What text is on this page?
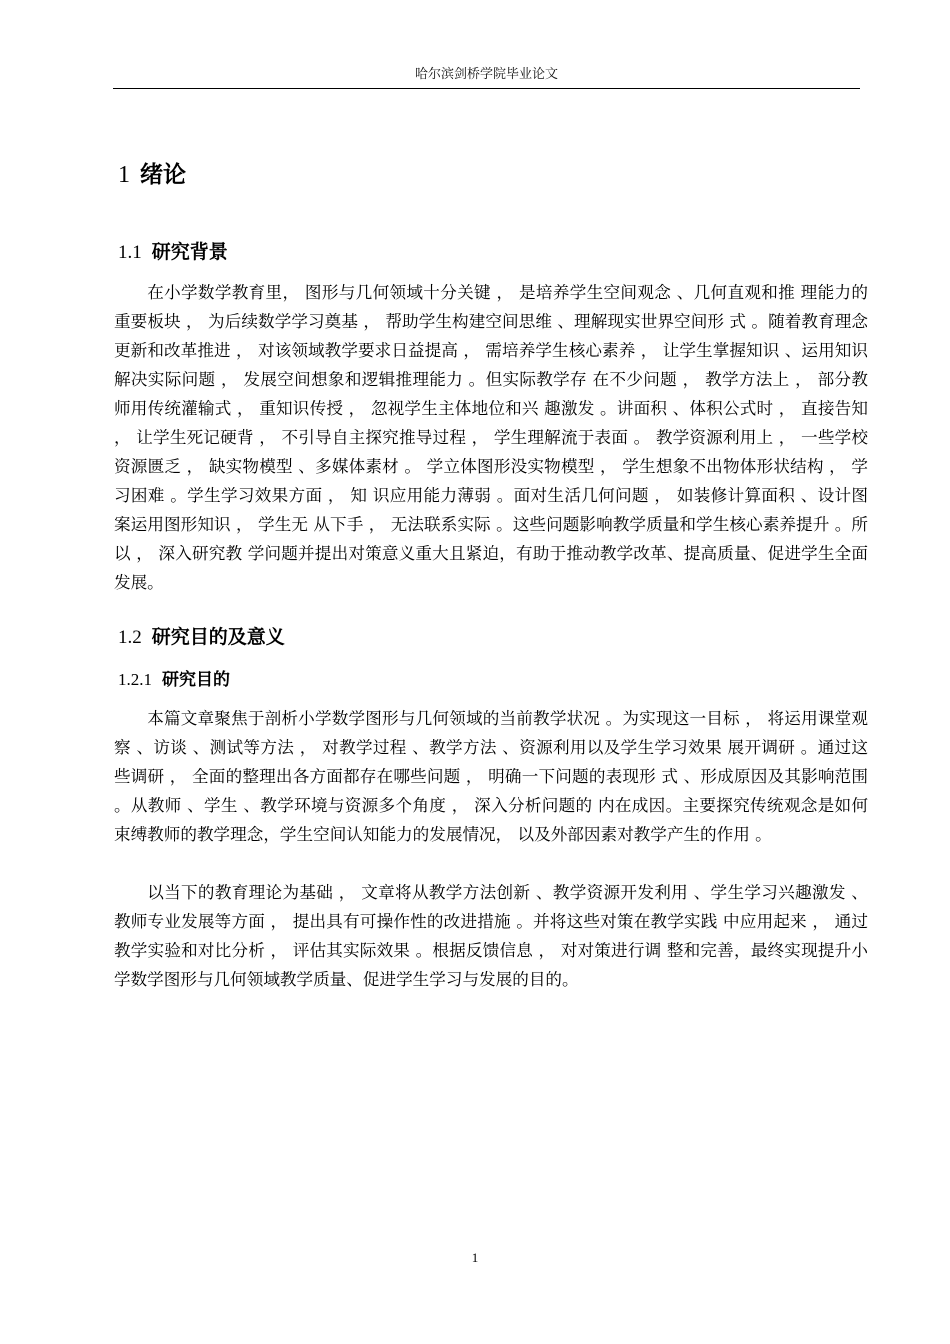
哈尔滨剑桥学院毕业论文
1 绪论
1.1 研究背景

在小学数学教育里， 图形与几何领域十分关键 ， 是培养学生空间观念 、几何直观和推 理能力的重要板块 ， 为后续数学学习奠基 ， 帮助学生构建空间思维 、理解现实世界空间形 式 。随着教育理念更新和改革推进 ， 对该领域教学要求日益提高 ， 需培养学生核心素养 ， 让学生掌握知识 、运用知识解决实际问题 ， 发展空间想象和逻辑推理能力 。但实际教学存 在不少问题 ， 教学方法上 ， 部分教师用传统灌输式 ， 重知识传授 ， 忽视学生主体地位和兴 趣激发 。讲面积 、体积公式时 ， 直接告知 ， 让学生死记硬背 ， 不引导自主探究推导过程 ， 学生理解流于表面 。 教学资源利用上 ， 一些学校资源匮乏 ， 缺实物模型 、多媒体素材 。 学立体图形没实物模型 ， 学生想象不出物体形状结构 ， 学习困难 。学生学习效果方面 ， 知 识应用能力薄弱 。面对生活几何问题 ， 如装修计算面积 、设计图案运用图形知识 ， 学生无 从下手 ， 无法联系实际 。这些问题影响教学质量和学生核心素养提升 。所以 ， 深入研究教 学问题并提出对策意义重大且紧迫，有助于推动教学改革、提高质量、促进学生全面发展。

1.2 研究目的及意义
1.2.1 研究目的

本篇文章聚焦于剖析小学数学图形与几何领域的当前教学状况 。为实现这一目标 ， 将运用课堂观察 、访谈 、测试等方法 ， 对教学过程 、教学方法 、资源利用以及学生学习效果 展开调研 。通过这些调研 ， 全面的整理出各方面都存在哪些问题 ， 明确一下问题的表现形 式 、形成原因及其影响范围 。从教师 、学生 、教学环境与资源多个角度 ， 深入分析问题的 内在成因。主要探究传统观念是如何束缚教师的教学理念，学生空间认知能力的发展情况， 以及外部因素对教学产生的作用 。

以当下的教育理论为基础 ， 文章将从教学方法创新 、教学资源开发利用 、学生学习兴趣激发 、教师专业发展等方面 ， 提出具有可操作性的改进措施 。并将这些对策在教学实践 中应用起来 ， 通过教学实验和对比分析 ， 评估其实际效果 。根据反馈信息 ， 对对策进行调 整和完善，最终实现提升小学数学图形与几何领域教学质量、促进学生学习与发展的目的。

1
